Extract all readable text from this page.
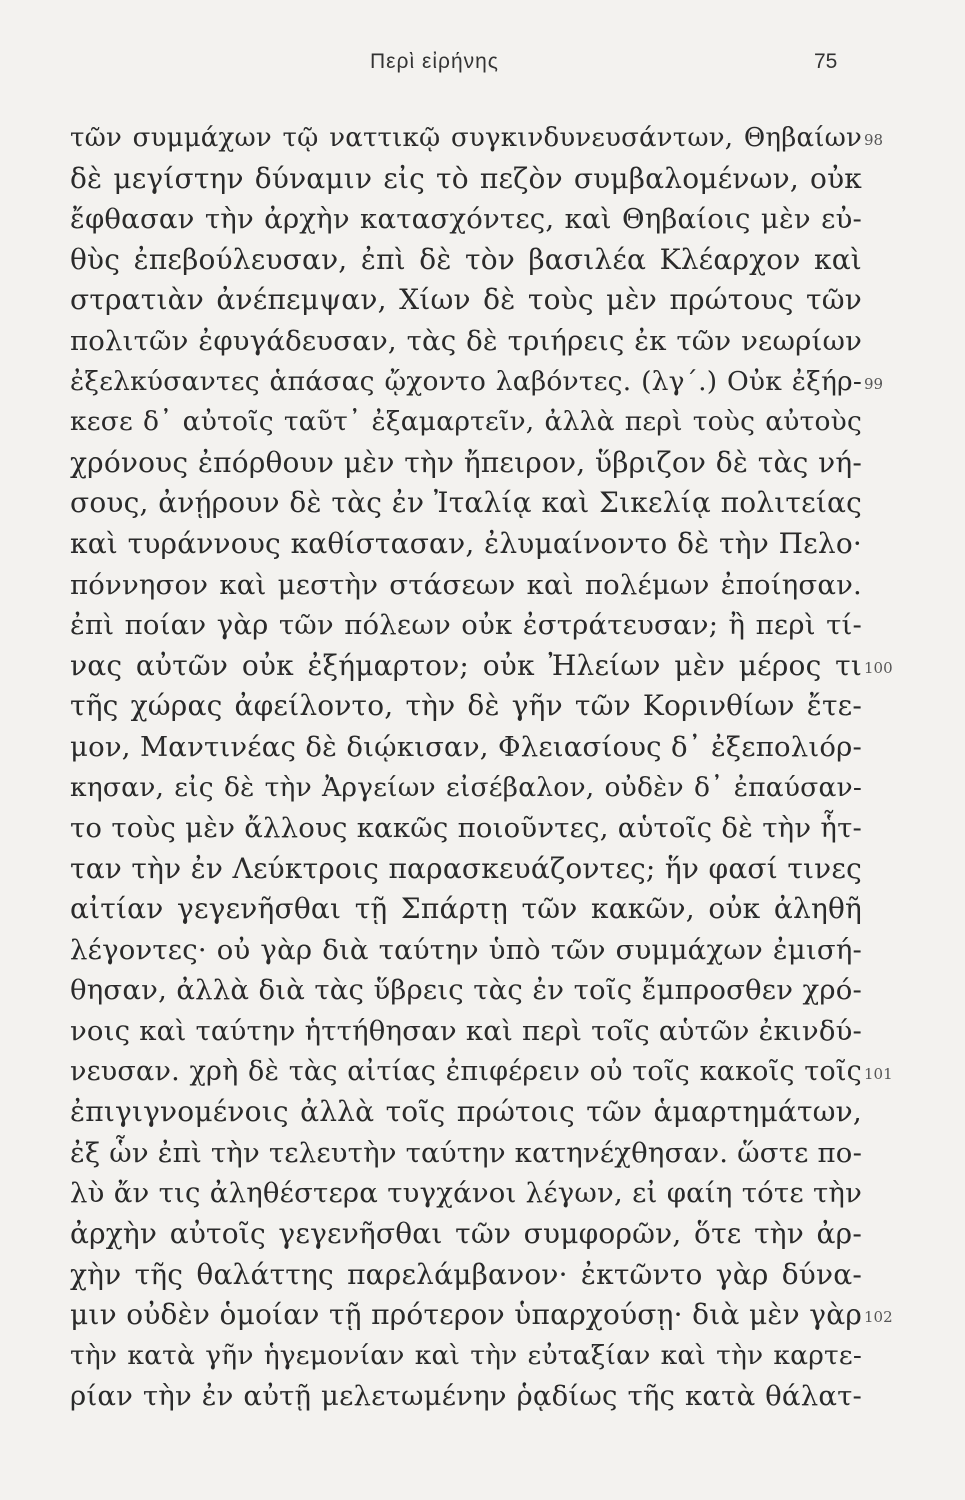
Περὶ εἰρήνης	75
τῶν συμμάχων τῷ ναττικῷ συγκινδυνευσάντων, Θηβαίων 98
δὲ μεγίστην δύναμιν εἰς τὸ πεζὸν συμβαλομένων, οὐκ
ἔφθασαν τὴν ἀρχὴν κατασχόντες, καὶ Θηβαίοις μὲν εὐ-
θὺς ἐπεβούλευσαν, ἐπὶ δὲ τὸν βασιλέα Κλέαρχον καὶ
στρατιὰν ἀνέπεμψαν, Χίων δὲ τοὺς μὲν πρώτους τῶν
πολιτῶν ἐφυγάδευσαν, τὰς δὲ τριήρεις ἐκ τῶν νεωρίων
ἐξελκύσαντες ἁπάσας ᾤχοντο λαβόντες. (λγ΄.) Οὐκ ἐξήρ- 99
κεσε δ᾿ αὐτοῖς ταῦτ᾿ ἐξαμαρτεῖν, ἀλλὰ περὶ τοὺς αὐτοὺς
χρόνους ἐπόρθουν μὲν τὴν ἤπειρον, ὕβριζον δὲ τὰς νή-
σους, ἀνῄρουν δὲ τὰς ἐν Ἰταλίᾳ καὶ Σικελίᾳ πολιτείας
καὶ τυράννους καθίστασαν, ἐλυμαίνοντο δὲ τὴν Πελο·
πόννησον καὶ μεστὴν στάσεων καὶ πολέμων ἐποίησαν.
ἐπὶ ποίαν γὰρ τῶν πόλεων οὐκ ἐστράτευσαν; ἢ περὶ τί-
νας αὐτῶν οὐκ ἐξήμαρτον; οὐκ Ἠλείων μὲν μέρος τι 100
τῆς χώρας ἀφείλοντο, τὴν δὲ γῆν τῶν Κορινθίων ἔτε-
μον, Μαντινέας δὲ διῴκισαν, Φλειασίους δ᾿ ἐξεπολιόρ-
κησαν, εἰς δὲ τὴν Ἀργείων εἰσέβαλον, οὐδὲν δ᾿ ἐπαύσαν-
το τοὺς μὲν ἄλλους κακῶς ποιοῦντες, αὑτοῖς δὲ τὴν ἧτ-
ταν τὴν ἐν Λεύκτροις παρασκευάζοντες; ἥν φασί τινες
αἰτίαν γεγενῆσθαι τῇ Σπάρτῃ τῶν κακῶν, οὐκ ἀληθῆ
λέγοντες· οὐ γὰρ διὰ ταύτην ὑπὸ τῶν συμμάχων ἐμισή-
θησαν, ἀλλὰ διὰ τὰς ὕβρεις τὰς ἐν τοῖς ἔμπροσθεν χρό-
νοις καὶ ταύτην ἡττήθησαν καὶ περὶ τοῖς αὑτῶν ἐκινδύ-
νευσαν. χρὴ δὲ τὰς αἰτίας ἐπιφέρειν οὐ τοῖς κακοῖς τοῖς 101
ἐπιγιγνομένοις ἀλλὰ τοῖς πρώτοις τῶν ἁμαρτημάτων,
ἐξ ὧν ἐπὶ τὴν τελευτὴν ταύτην κατηνέχθησαν. ὥστε πο-
λὺ ἄν τις ἀληθέστερα τυγχάνοι λέγων, εἰ φαίη τότε τὴν
ἀρχὴν αὐτοῖς γεγενῆσθαι τῶν συμφορῶν, ὅτε τὴν ἀρ-
χὴν τῆς θαλάττης παρελάμβανον· ἐκτῶντο γὰρ δύνα-
μιν οὐδὲν ὁμοίαν τῇ πρότερον ὑπαρχούσῃ· διὰ μὲν γὰρ 102
τὴν κατὰ γῆν ἡγεμονίαν καὶ τὴν εὐταξίαν καὶ τὴν καρτε-
ρίαν τὴν ἐν αὐτῇ μελετωμένην ῥᾳδίως τῆς κατὰ θάλατ-
